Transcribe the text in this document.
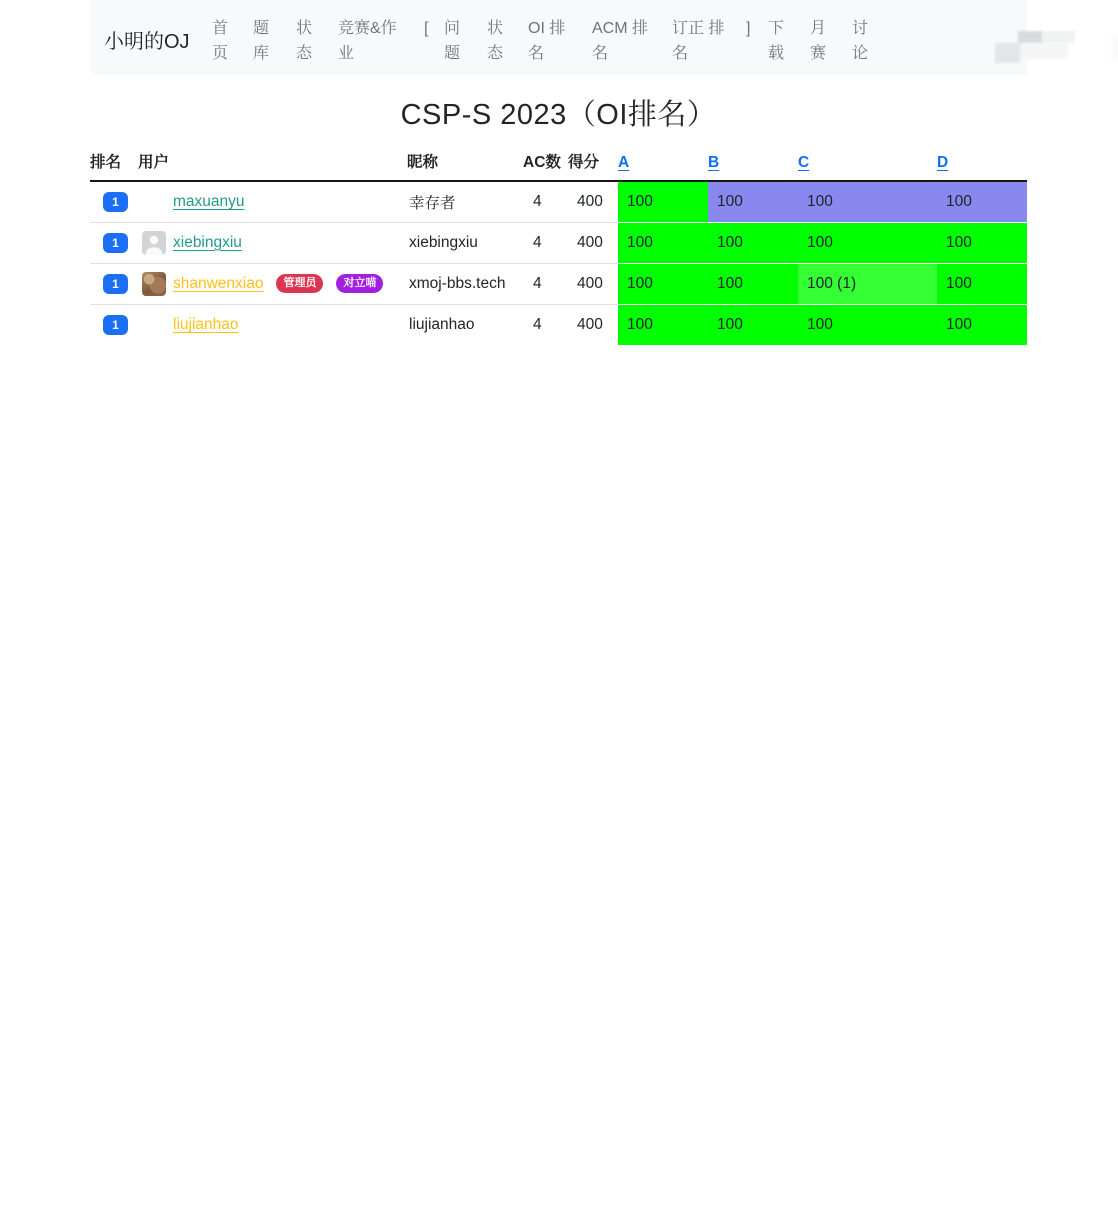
小明的OJ
首页
题库
状态
竞赛&作业
[ 问题
状态
OI 排名
ACM 排名
订正 排名
] 下载
月赛
讨论
CSP-S 2023（OI排名）
排名	用户	昵称	AC数	得分	A	B	C	D
1	maxuanyu	幸存者	4	400	100	100	100	100
1	xiebingxiu	xiebingxiu	4	400	100	100	100	100
1	shanwenxiao 管理员 对立喵	xmoj-bbs.tech	4	400	100	100	100 (1)	100
1	liujianhao	liujianhao	4	400	100	100	100	100
